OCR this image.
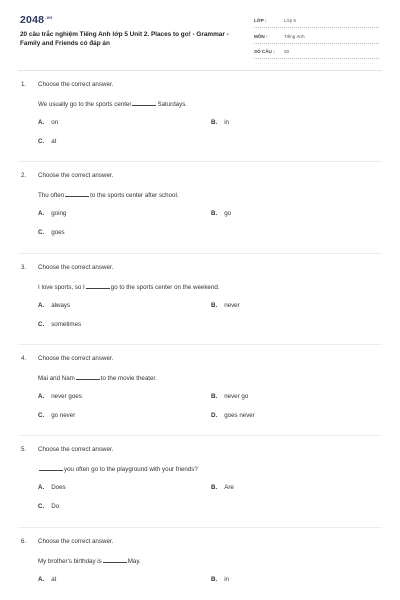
$2048^{.vn}$
20 câu trắc nghiệm Tiếng Anh lớp 5 Unit 2. Places to go! - Grammar - Family and Friends có đáp án
LỚP :	Lớp 5
MÔN :	Tiếng Anh
SỐ CÂU :	20
1. Choose the correct answer.
We usually go to the sports center	Saturdays.
A. on	B. in
C. at
2. Choose the correct answer.
Thu often	to the sports center after school.
A. going	B. go
C. goes
3. Choose the correct answer.
I love sports, so I	go to the sports center on the weekend.
A. always	B. never
C. sometimes
4. Choose the correct answer.
Mai and Nam	to the movie theater.
A. never goes	B. never go
C. go never	D. goes never
5. Choose the correct answer.
you often go to the playground with your friends?
A. Does	B. Are
C. Do
6. Choose the correct answer.
My brother's birthday is	May.
A. at	B. in
